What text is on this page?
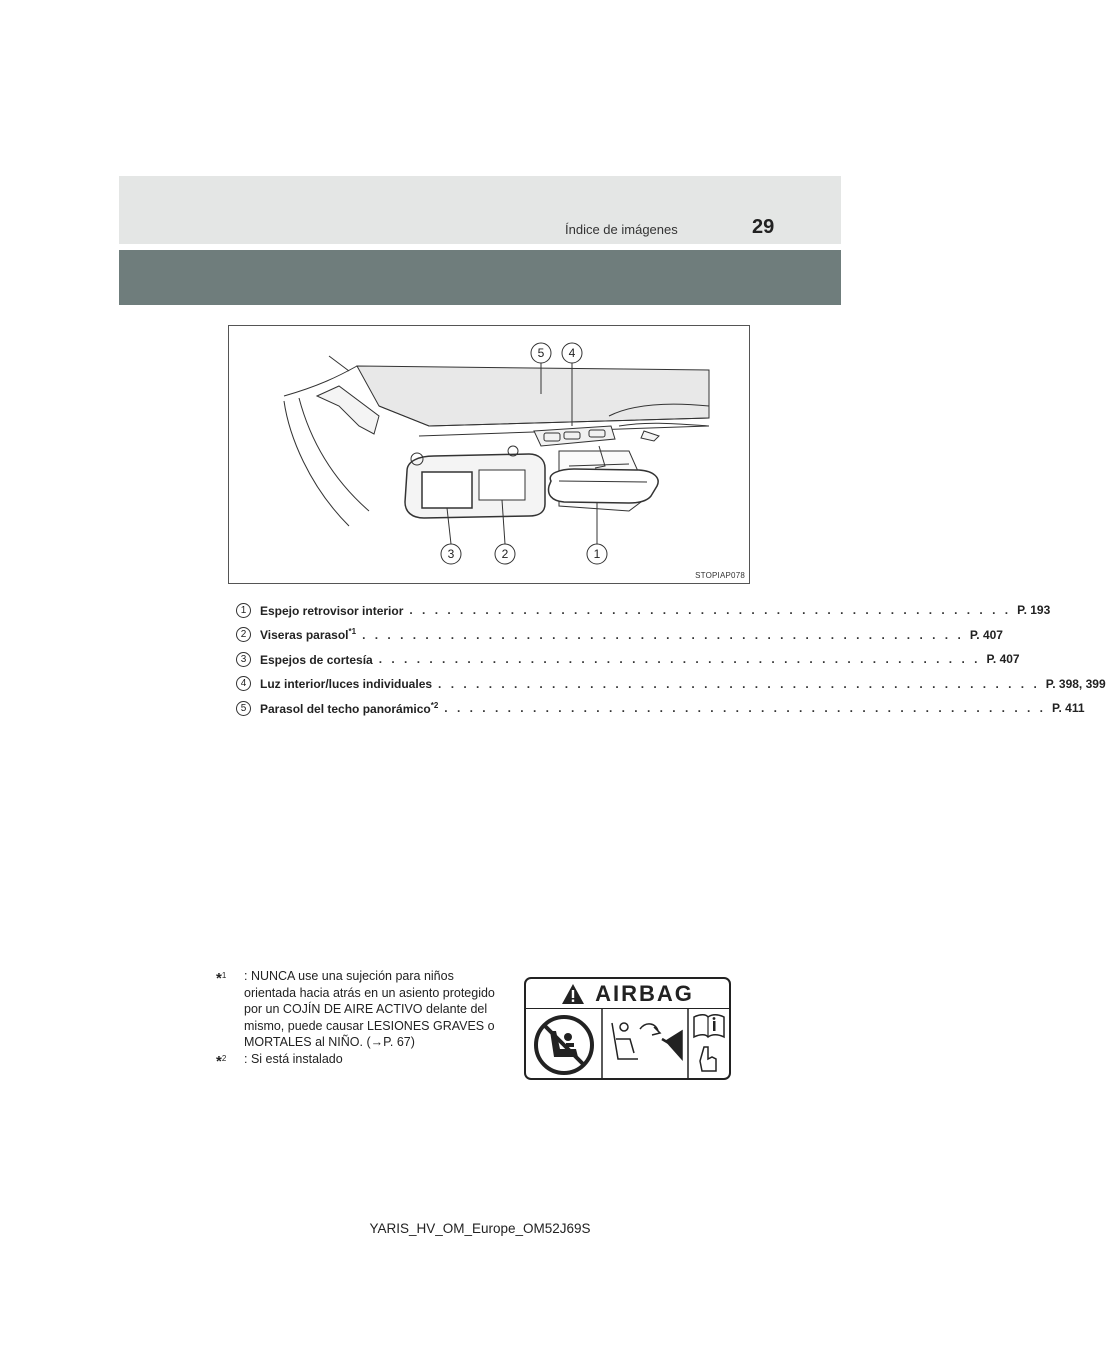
Índice de imágenes	29
5 4
3	2	1
STOPIAP078
1	Espejo retrovisor interior . . . . . . . . . . . . . . . . . . . . . . . . . . . . . . . . . . . . . . . . . . . . . . . . P. 193
2	Viseras parasol$^{*1}$ . . . . . . . . . . . . . . . . . . . . . . . . . . . . . . . . . . . . . . . . . . . . . . . . P. 407
3	Espejos de cortesía . . . . . . . . . . . . . . . . . . . . . . . . . . . . . . . . . . . . . . . . . . . . . . . . P. 407
4	Luz interior/luces individuales . . . . . . . . . . . . . . . . . . . . . . . . . . . . . . . . . . . . . . . . . . . . . . . . P. 398, 399
5	Parasol del techo panorámico$^{*2}$ . . . . . . . . . . . . . . . . . . . . . . . . . . . . . . . . . . . . . . . . . . . . . . . . P. 411
*$^1$	: NUNCA use una sujeción para niños orientada hacia atrás en un asiento protegido por un COJÍN DE AIRE ACTIVO delante del mismo, puede causar LESIONES GRAVES o MORTALES al NIÑO. (→P. 67)
*$^2$	: Si está instalado
AIRBAG
YARIS_HV_OM_Europe_OM52J69S
